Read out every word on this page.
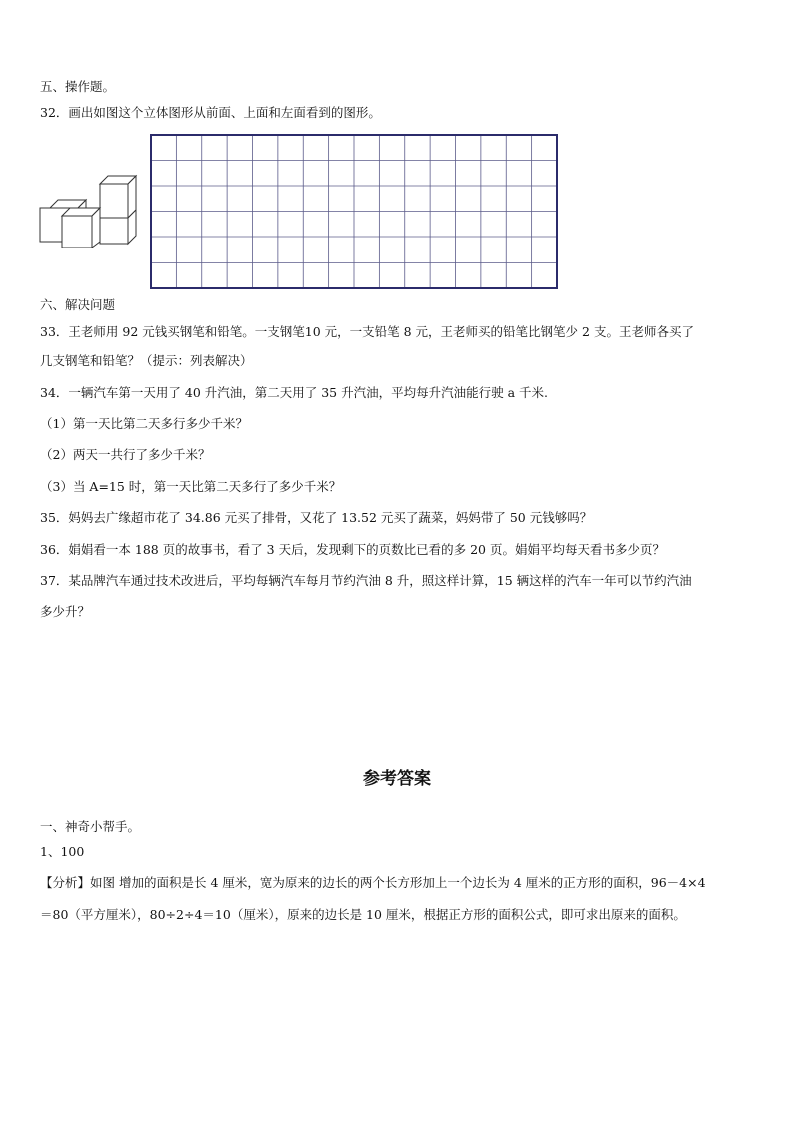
五、操作题。
32．画出如图这个立体图形从前面、上面和左面看到的图形。
六、解决问题
33．王老师用 92 元钱买钢笔和铅笔。一支钢笔10 元，一支铅笔 8 元，王老师买的铅笔比钢笔少 2 支。王老师各买了
几支钢笔和铅笔？（提示：列表解决）
34．一辆汽车第一天用了 40 升汽油，第二天用了 35 升汽油，平均每升汽油能行驶 a 千米.
（1）第一天比第二天多行多少千米？
（2）两天一共行了多少千米？
（3）当 A=15 时，第一天比第二天多行了多少千米？
35．妈妈去广缘超市花了 34.86 元买了排骨，又花了 13.52 元买了蔬菜，妈妈带了 50 元钱够吗？
36．娟娟看一本 188 页的故事书，看了 3 天后，发现剩下的页数比已看的多 20 页。娟娟平均每天看书多少页？
37．某品牌汽车通过技术改进后，平均每辆汽车每月节约汽油 8 升，照这样计算，15 辆这样的汽车一年可以节约汽油
多少升？
参考答案
一、神奇小帮手。
1、100
【分析】如图 增加的面积是长 4 厘米，宽为原来的边长的两个长方形加上一个边长为 4 厘米的正方形的面积，96－4×4
＝80（平方厘米），80÷2÷4＝10（厘米），原来的边长是 10 厘米，根据正方形的面积公式，即可求出原来的面积。
